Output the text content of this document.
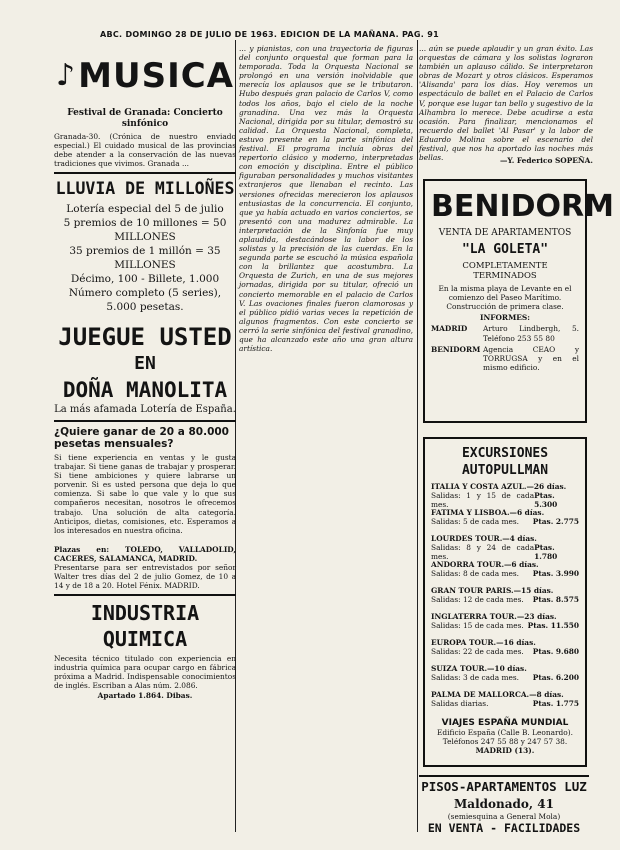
ABC. DOMINGO 28 DE JULIO DE 1963. EDICION DE LA MAÑANA. PAG. 91
♪ MUSICA
Festival de Granada: Concierto sinfónico
Granada-30. (Crónica de nuestro enviado especial.) El cuidado musical de las provincias debe atender a la conservación de las nuevas tradiciones que vivimos. Granada ...
LLUVIA DE MILLOÑES
Lotería especial del 5 de julio
5 premios de 10 millones = 50 MILLONES
35 premios de 1 millón = 35 MILLONES
Décimo, 100 - Billete, 1.000
Número completo (5 series), 5.000 pesetas.
JUEGUE USTED
EN
DOÑA MANOLITA
La más afamada Lotería de España.
¿Quiere ganar de 20 a 80.000 pesetas mensuales?
Si tiene experiencia en ventas y le gusta trabajar. Si tiene ganas de trabajar y prosperar. Si tiene ambiciones y quiere labrarse un porvenir. Si es usted persona que deja lo que comienza. Si sabe lo que vale y lo que sus compañeros necesitan, nosotros le ofrecemos trabajo. Una solución de alta categoría. Anticipos, dietas, comisiones, etc. Esperamos a los interesados en nuestra oficina.
Plazas en: TOLEDO, VALLADOLID, CACERES, SALAMANCA, MADRID.
Presentarse para ser entrevistados por señor Walter tres días del 2 de julio Gomez, de 10 a 14 y de 18 a 20. Hotel Fénix. MADRID.
INDUSTRIA QUIMICA
Necesita técnico titulado con experiencia en industria química para ocupar cargo en fábrica próxima a Madrid. Indispensable conocimientos de inglés. Escriban a Alas núm. 2.086.
Apartado 1.864. Dibas.
... y pianistas, con una trayectoria de figuras del conjunto orquestal que forman para la temporada. Toda la Orquesta Nacional se prolongó en una versión inolvidable que merecía los aplausos que se le tributaron. Hubo después gran palacio de Carlos V, como todos los años, bajo el cielo de la noche granadina. Una vez más la Orquesta Nacional, dirigida por su titular, demostró su calidad. La Orquesta Nacional, completa, estuvo presente en la parte sinfónica del festival. El programa incluía obras del repertorio clásico y moderno, interpretadas con emoción y disciplina. Entre el público figuraban personalidades y muchos visitantes extranjeros que llenaban el recinto. Las versiones ofrecidas merecieron los aplausos entusiastas de la concurrencia. El conjunto, que ya había actuado en varios conciertos, se presentó con una madurez admirable. La interpretación de la Sinfonía fue muy aplaudida, destacándose la labor de los solistas y la precisión de las cuerdas. En la segunda parte se escuchó la música española con la brillantez que acostumbra. La Orquesta de Zurich, en una de sus mejores jornadas, dirigida por su titular, ofreció un concierto memorable en el palacio de Carlos V. Las ovaciones finales fueron clamorosas y el público pidió varias veces la repetición de algunos fragmentos. Con este concierto se cerró la serie sinfónica del festival granadino, que ha alcanzado este año una gran altura artística.
... aún se puede aplaudir y un gran éxito. Las orquestas de cámara y los solistas lograron también un aplauso cálido. Se interpretaron obras de Mozart y otros clásicos. Esperamos 'Alisanda' para los días. Hoy veremos un espectáculo de ballet en el Palacio de Carlos V, porque ese lugar tan bello y sugestivo de la Alhambra lo merece. Debe acudirse a esta ocasión. Para finalizar, mencionamos el recuerdo del ballet 'Al Pasar' y la labor de Eduardo Molina sobre el escenario del festival, que nos ha aportado las noches más bellas.	—Y. Federico SOPEÑA.
BENIDORM
VENTA DE APARTAMENTOS
"LA GOLETA"
COMPLETAMENTE TERMINADOS
En la misma playa de Levante en el comienzo del Paseo Marítimo. Construcción de primera clase.
INFORMES:
MADRID Arturo Lindbergh, 5. Teléfono 253 55 80
BENIDORM Agencia CEAO y TORRUGSA y en el mismo edificio.
EXCURSIONES AUTOPULLMAN
ITALIA Y COSTA AZUL.—26 días.
Salidas: 1 y 15 de cada mes.
Ptas. 5.300
FATIMA Y LISBOA.—6 días.
Salidas: 5 de cada mes. Ptas. 2.775
LOURDES TOUR.—4 días.
Salidas: 8 y 24 de cada mes.
Ptas. 1.780
ANDORRA TOUR.—6 días.
Salidas: 8 de cada mes. Ptas. 3.990
GRAN TOUR PARIS.—15 días.
Salidas: 12 de cada mes. Ptas. 8.575
INGLATERRA TOUR.—23 días.
Salidas: 15 de cada mes. Ptas. 11.550
EUROPA TOUR.—16 días.
Salidas: 22 de cada mes. Ptas. 9.680
SUIZA TOUR.—10 días.
Salidas: 3 de cada mes. Ptas. 6.200
PALMA DE MALLORCA.—8 días.
Salidas diarias.	Ptas. 1.775
VIAJES ESPAÑA MUNDIAL
Edificio España (Calle B. Leonardo). Teléfonos 247 55 88 y 247 57 38.
MADRID (13).
PISOS-APARTAMENTOS LUZ
Maldonado, 41
(semiesquina a General Mola)
EN VENTA - FACILIDADES
